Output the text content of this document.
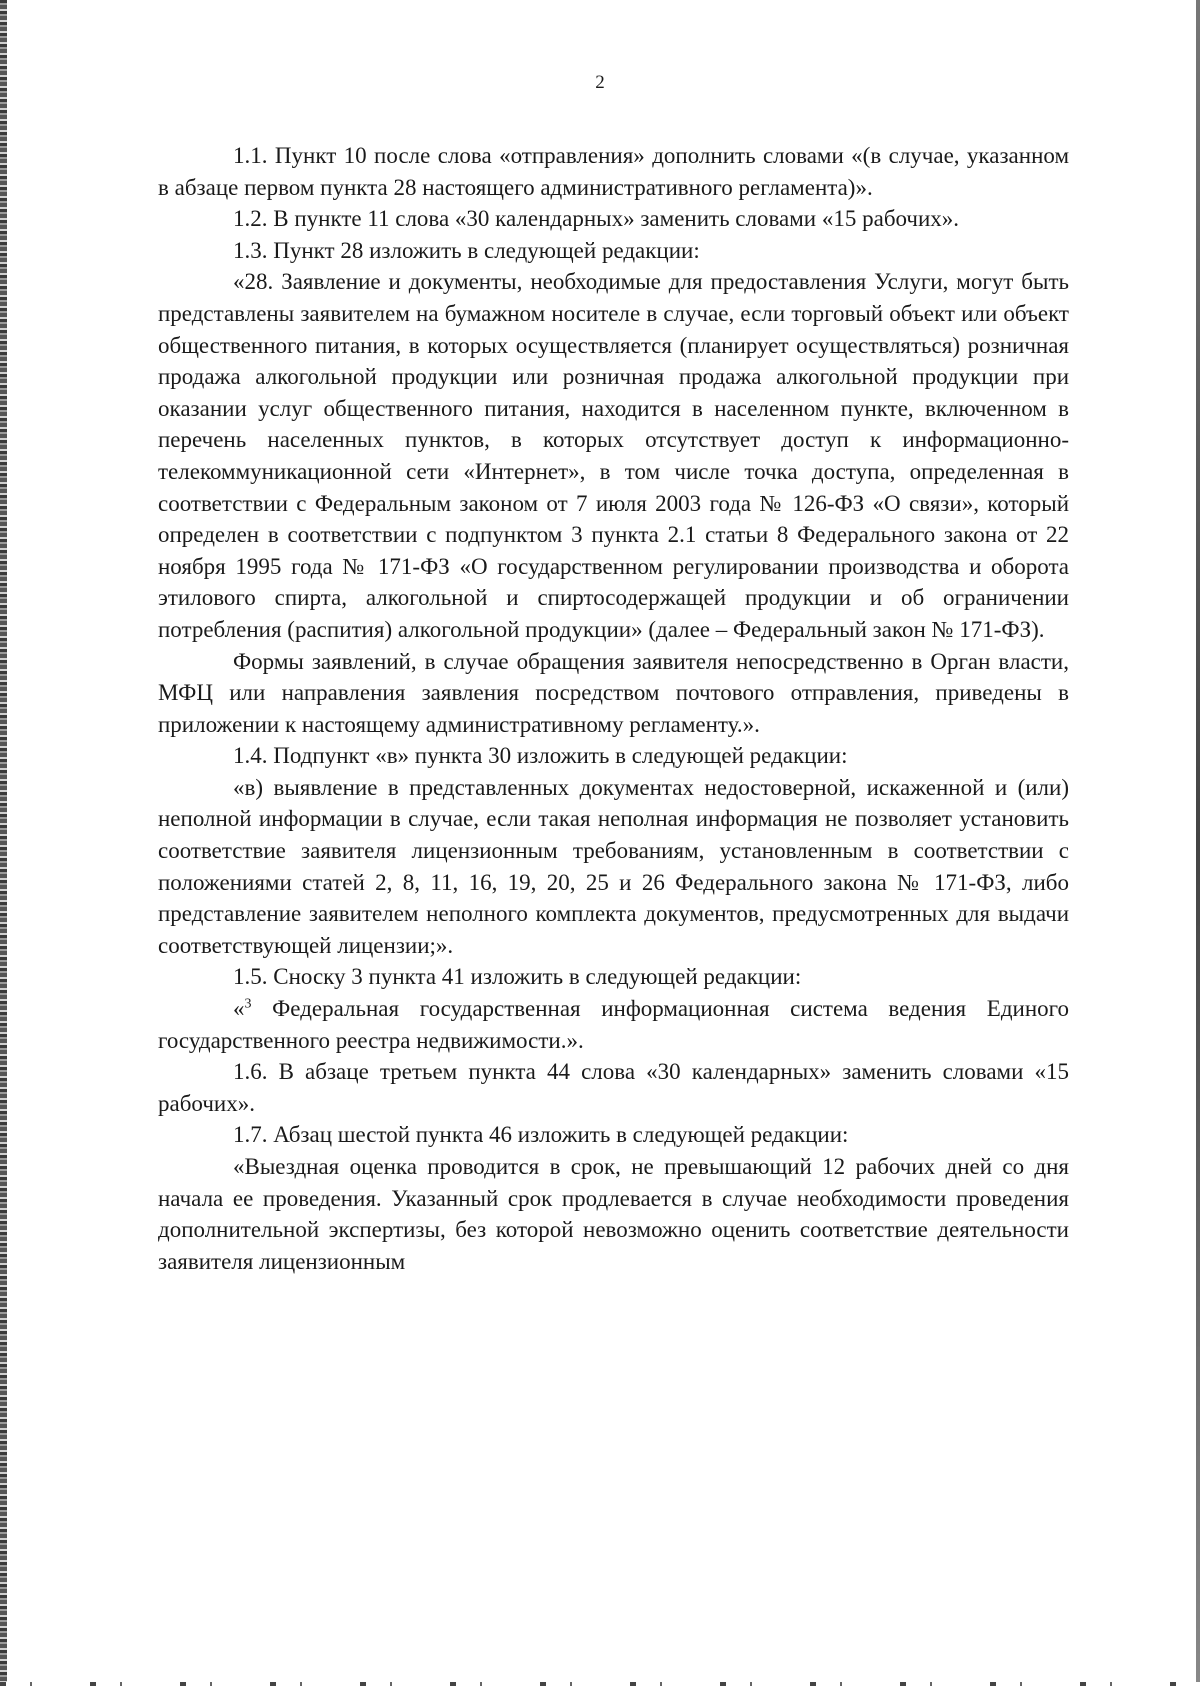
2

1.1. Пункт 10 после слова «отправления» дополнить словами «(в случае, указанном в абзаце первом пункта 28 настоящего административного регламента)».

1.2. В пункте 11 слова «30 календарных» заменить словами «15 рабочих».

1.3. Пункт 28 изложить в следующей редакции:

«28. Заявление и документы, необходимые для предоставления Услуги, могут быть представлены заявителем на бумажном носителе в случае, если торговый объект или объект общественного питания, в которых осуществляется (планирует осуществляться) розничная продажа алкогольной продукции или розничная продажа алкогольной продукции при оказании услуг общественного питания, находится в населенном пункте, включенном в перечень населенных пунктов, в которых отсутствует доступ к информационно-телекоммуникационной сети «Интернет», в том числе точка доступа, определенная в соответствии с Федеральным законом от 7 июля 2003 года № 126-ФЗ «О связи», который определен в соответствии с подпунктом 3 пункта 2.1 статьи 8 Федерального закона от 22 ноября 1995 года № 171-ФЗ «О государственном регулировании производства и оборота этилового спирта, алкогольной и спиртосодержащей продукции и об ограничении потребления (распития) алкогольной продукции» (далее – Федеральный закон № 171-ФЗ).

Формы заявлений, в случае обращения заявителя непосредственно в Орган власти, МФЦ или направления заявления посредством почтового отправления, приведены в приложении к настоящему административному регламенту.».

1.4. Подпункт «в» пункта 30 изложить в следующей редакции:

«в) выявление в представленных документах недостоверной, искаженной и (или) неполной информации в случае, если такая неполная информация не позволяет установить соответствие заявителя лицензионным требованиям, установленным в соответствии с положениями статей 2, 8, 11, 16, 19, 20, 25 и 26 Федерального закона № 171-ФЗ, либо представление заявителем неполного комплекта документов, предусмотренных для выдачи соответствующей лицензии;».

1.5. Сноску 3 пункта 41 изложить в следующей редакции:

«$^3$ Федеральная государственная информационная система ведения Единого государственного реестра недвижимости.».

1.6. В абзаце третьем пункта 44 слова «30 календарных» заменить словами «15 рабочих».

1.7. Абзац шестой пункта 46 изложить в следующей редакции:

«Выездная оценка проводится в срок, не превышающий 12 рабочих дней со дня начала ее проведения. Указанный срок продлевается в случае необходимости проведения дополнительной экспертизы, без которой невозможно оценить соответствие деятельности заявителя лицензионным
